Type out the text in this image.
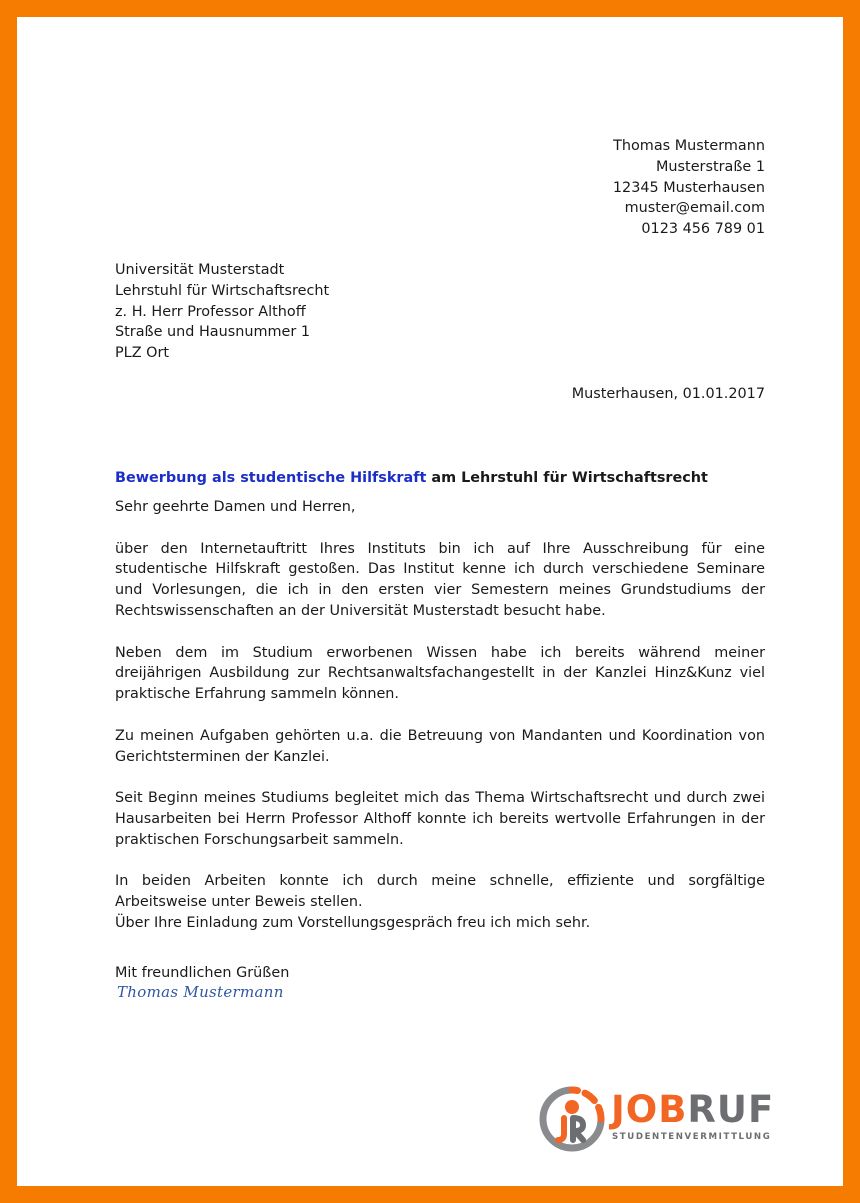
Thomas Mustermann
Musterstraße 1
12345 Musterhausen
muster@email.com
0123 456 789 01
Universität Musterstadt
Lehrstuhl für Wirtschaftsrecht
z. H. Herr Professor Althoff
Straße und Hausnummer 1
PLZ Ort
Musterhausen, 01.01.2017
Bewerbung als studentische Hilfskraft am Lehrstuhl für Wirtschaftsrecht

Sehr geehrte Damen und Herren,

über den Internetauftritt Ihres Instituts bin ich auf Ihre Ausschreibung für eine studentische Hilfskraft gestoßen. Das Institut kenne ich durch verschiedene Seminare und Vorlesungen, die ich in den ersten vier Semestern meines Grundstudiums der Rechtswissenschaften an der Universität Musterstadt besucht habe.

Neben dem im Studium erworbenen Wissen habe ich bereits während meiner dreijährigen Ausbildung zur Rechtsanwaltsfachangestellt in der Kanzlei Hinz&Kunz viel praktische Erfahrung sammeln können.

Zu meinen Aufgaben gehörten u.a. die Betreuung von Mandanten und Koordination von Gerichtsterminen der Kanzlei.

Seit Beginn meines Studiums begleitet mich das Thema Wirtschaftsrecht und durch zwei Hausarbeiten bei Herrn Professor Althoff konnte ich bereits wertvolle Erfahrungen in der praktischen Forschungsarbeit sammeln.

In beiden Arbeiten konnte ich durch meine schnelle, effiziente und sorgfältige Arbeitsweise unter Beweis stellen.
Über Ihre Einladung zum Vorstellungsgespräch freu ich mich sehr.

Mit freundlichen Grüßen
Thomas Mustermann
JOBRUF
STUDENTENVERMITTLUNG
